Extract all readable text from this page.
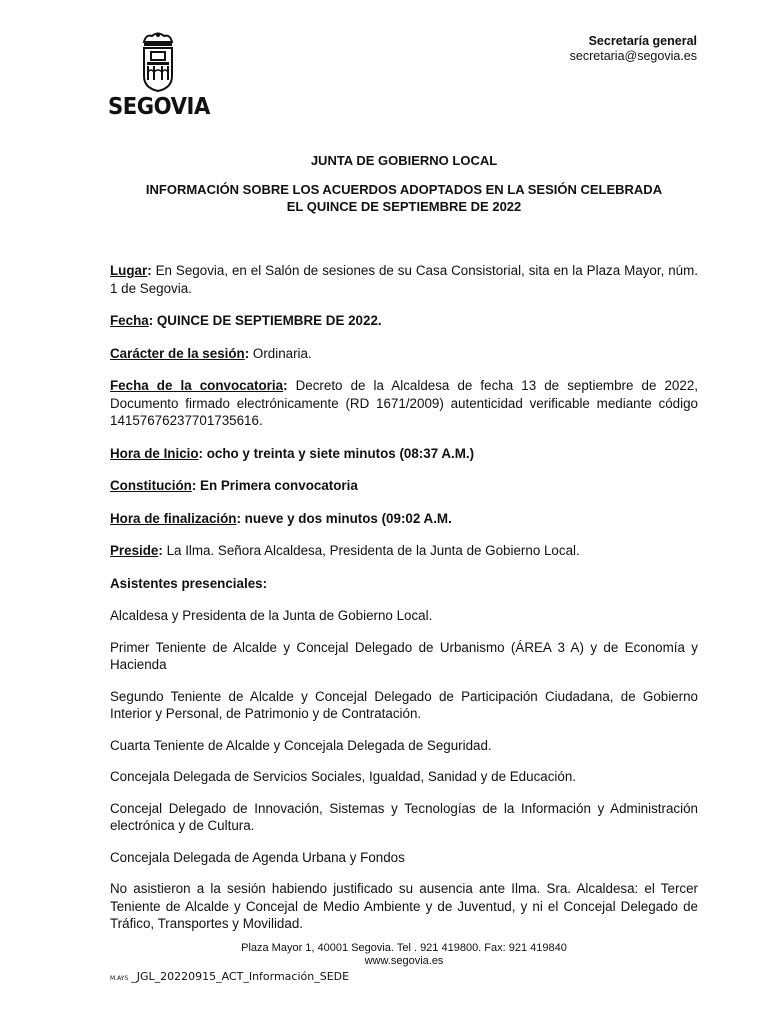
SEGOVIA
Secretaría general
secretaria@segovia.es
JUNTA DE GOBIERNO LOCAL
INFORMACIÓN SOBRE LOS ACUERDOS ADOPTADOS EN LA SESIÓN CELEBRADA
EL QUINCE DE SEPTIEMBRE DE 2022

Lugar: En Segovia, en el Salón de sesiones de su Casa Consistorial, sita en la Plaza Mayor, núm. 1 de Segovia.

Fecha: QUINCE DE SEPTIEMBRE DE 2022.

Carácter de la sesión: Ordinaria.

Fecha de la convocatoria: Decreto de la Alcaldesa de fecha 13 de septiembre de 2022, Documento firmado electrónicamente (RD 1671/2009) autenticidad verificable mediante código 14157676237701735616.

Hora de Inicio: ocho y treinta y siete minutos (08:37 A.M.)

Constitución: En Primera convocatoria

Hora de finalización: nueve y dos minutos (09:02 A.M.

Preside: La Ilma. Señora Alcaldesa, Presidenta de la Junta de Gobierno Local.

Asistentes presenciales:

Alcaldesa y Presidenta de la Junta de Gobierno Local.

Primer Teniente de Alcalde y Concejal Delegado de Urbanismo (ÁREA 3 A) y de Economía y Hacienda

Segundo Teniente de Alcalde y Concejal Delegado de Participación Ciudadana, de Gobierno Interior y Personal, de Patrimonio y de Contratación.

Cuarta Teniente de Alcalde y Concejala Delegada de Seguridad.

Concejala Delegada de Servicios Sociales, Igualdad, Sanidad y de Educación.

Concejal Delegado de Innovación, Sistemas y Tecnologías de la Información y Administración electrónica y de Cultura.

Concejala Delegada de Agenda Urbana y Fondos

No asistieron a la sesión habiendo justificado su ausencia ante Ilma. Sra. Alcaldesa: el Tercer Teniente de Alcalde y Concejal de Medio Ambiente y de Juventud, y ni el Concejal Delegado de Tráfico, Transportes y Movilidad.

Plaza Mayor 1, 40001 Segovia. Tel . 921 419800. Fax: 921 419840
www.segovia.es
M.AYS _JGL_20220915_ACT_Información_SEDE
